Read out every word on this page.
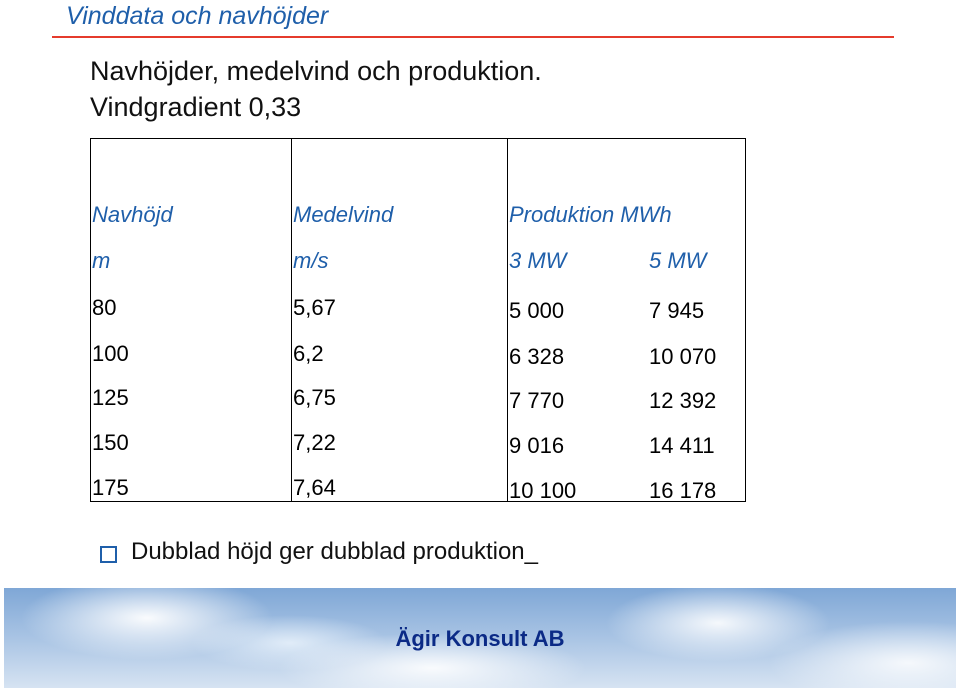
Vinddata och navhöjder
Navhöjder, medelvind och produktion.
Vindgradient 0,33
Navhöjd	Medelvind	Produktion MWh
m	m/s	3 MW	5 MW
80	5,67	5 000	7 945
100	6,2	6 328	10 070
125	6,75	7 770	12 392
150	7,22	9 016	14 411
175	7,64	10 100	16 178
Dubblad höjd ger dubblad produktion_
Ägir Konsult AB
